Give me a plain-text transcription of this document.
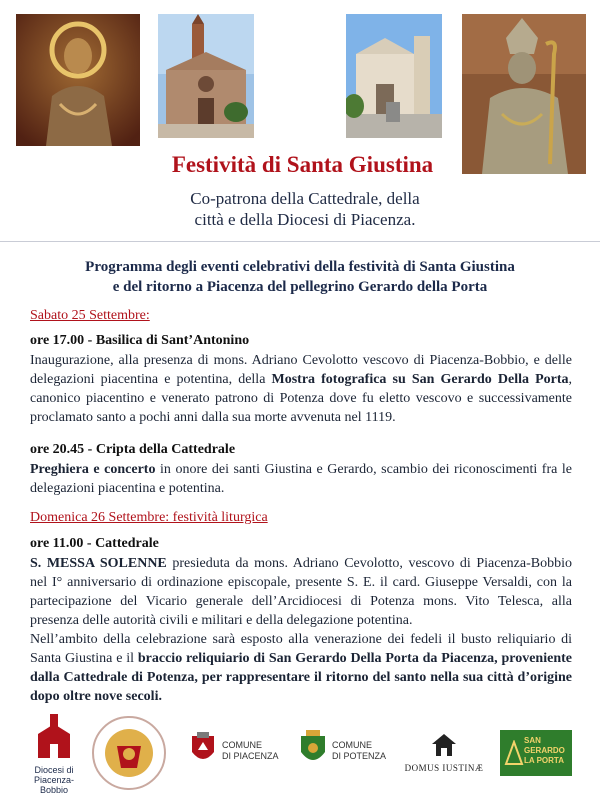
Festività di Santa Giustina
Co-patrona della Cattedrale, della
città e della Diocesi di Piacenza.
Programma degli eventi celebrativi della festività di Santa Giustina
e del ritorno a Piacenza del pellegrino Gerardo della Porta
Sabato 25 Settembre:
ore 17.00 - Basilica di Sant’Antonino
Inaugurazione, alla presenza di mons. Adriano Cevolotto vescovo di Piacenza-Bobbio, e delle delegazioni piacentina e potentina, della Mostra fotografica su San Gerardo Della Porta, canonico piacentino e venerato patrono di Potenza dove fu eletto vescovo e successivamente proclamato santo a pochi anni dalla sua morte avvenuta nel 1119.
ore 20.45 - Cripta della Cattedrale
Preghiera e concerto in onore dei santi Giustina e Gerardo, scambio dei riconoscimenti fra le delegazioni piacentina e potentina.
Domenica 26 Settembre: festività liturgica
ore 11.00 - Cattedrale
S. MESSA SOLENNE presieduta da mons. Adriano Cevolotto, vescovo di Piacenza-Bobbio nel I° anniversario di ordinazione episcopale, presente S. E. il card. Giuseppe Versaldi, con la partecipazione del Vicario generale dell’Arcidiocesi di Potenza mons. Vito Telesca, alla presenza delle autorità civili e militari e della delegazione potentina.
Nell’ambito della celebrazione sarà esposto alla venerazione dei fedeli il busto reliquiario di Santa Giustina e il braccio reliquiario di San Gerardo Della Porta da Piacenza, proveniente dalla Cattedrale di Potenza, per rappresentare il ritorno del santo nella sua città d’origine dopo oltre nove secoli.
Diocesi di
Piacenza-Bobbio
COMUNE
DI PIACENZA
COMUNE
DI POTENZA
DOMUS IUSTINÆ
SAN
GERARDO
LA PORTA
